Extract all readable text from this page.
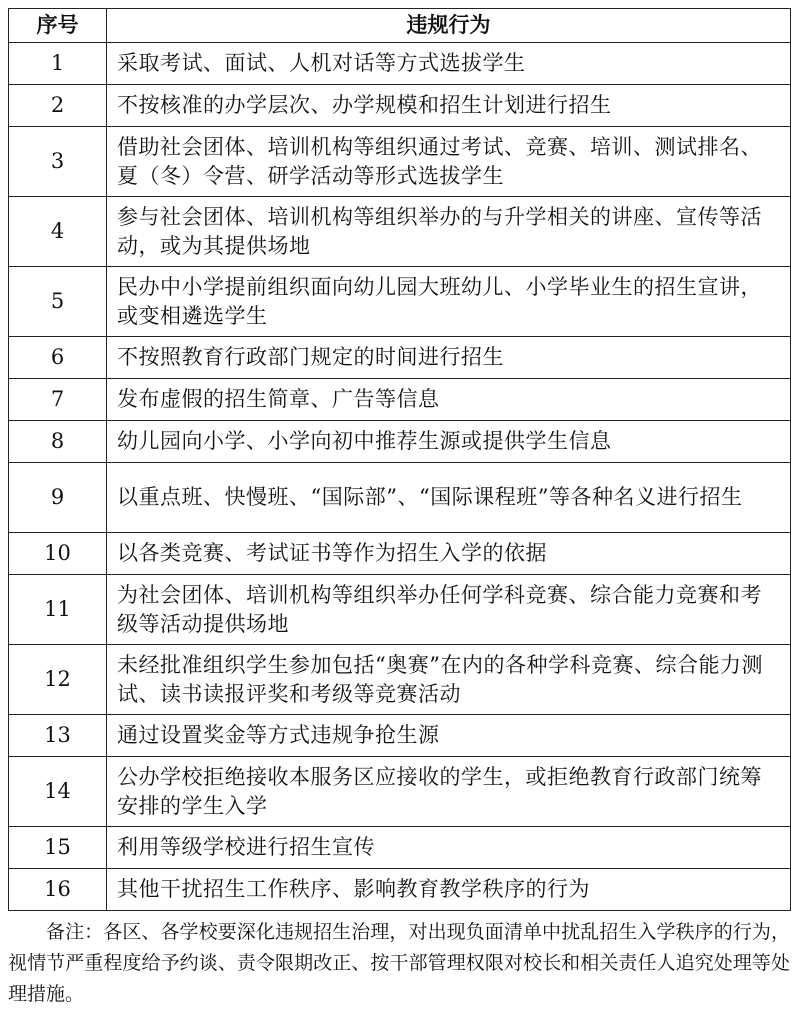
序号	违规行为
1	采取考试、面试、人机对话等方式选拔学生
2	不按核准的办学层次、办学规模和招生计划进行招生
3	借助社会团体、培训机构等组织通过考试、竞赛、培训、测试排名、夏（冬）令营、研学活动等形式选拔学生
4	参与社会团体、培训机构等组织举办的与升学相关的讲座、宣传等活动，或为其提供场地
5	民办中小学提前组织面向幼儿园大班幼儿、小学毕业生的招生宣讲，或变相遴选学生
6	不按照教育行政部门规定的时间进行招生
7	发布虚假的招生简章、广告等信息
8	幼儿园向小学、小学向初中推荐生源或提供学生信息
9	以重点班、快慢班、“国际部”、“国际课程班”等各种名义进行招生
10	以各类竞赛、考试证书等作为招生入学的依据
11	为社会团体、培训机构等组织举办任何学科竞赛、综合能力竞赛和考级等活动提供场地
12	未经批准组织学生参加包括“奥赛”在内的各种学科竞赛、综合能力测试、读书读报评奖和考级等竞赛活动
13	通过设置奖金等方式违规争抢生源
14	公办学校拒绝接收本服务区应接收的学生，或拒绝教育行政部门统筹安排的学生入学
15	利用等级学校进行招生宣传
16	其他干扰招生工作秩序、影响教育教学秩序的行为
备注：各区、各学校要深化违规招生治理，对出现负面清单中扰乱招生入学秩序的行为，视情节严重程度给予约谈、责令限期改正、按干部管理权限对校长和相关责任人追究处理等处理措施。
